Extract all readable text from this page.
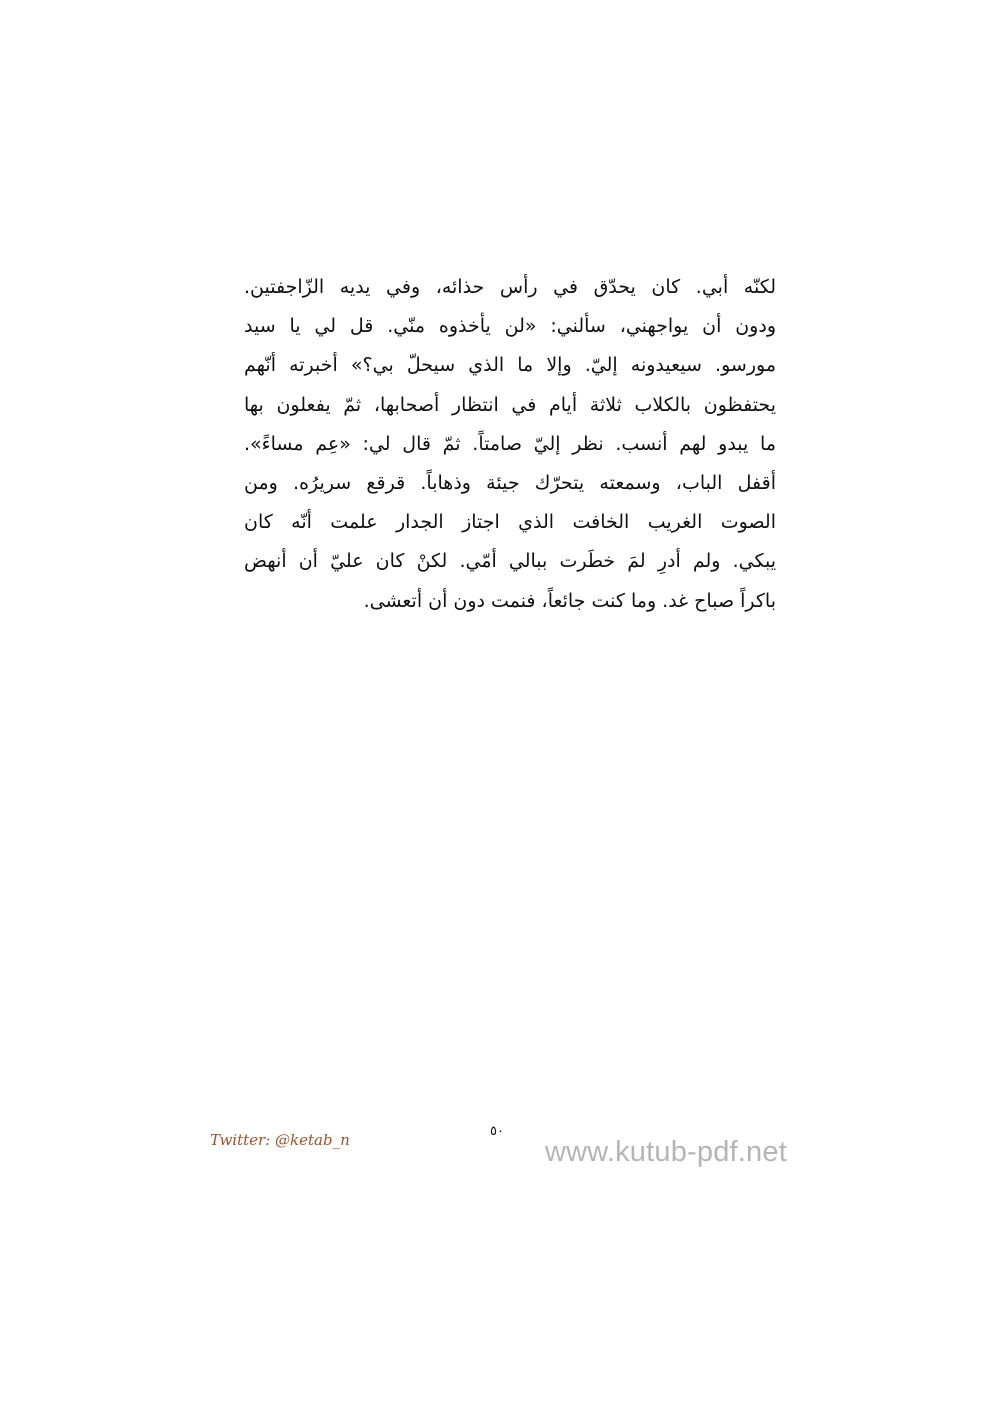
لكنّه أبي. كان يحدّق في رأس حذائه، وفي يديه الزّاجفتين.
ودون أن يواجهني، سألني: «لن يأخذوه منّي. قل لي يا سيد
مورسو. سيعيدونه إليّ. وإلا ما الذي سيحلّ بي؟» أخبرته أنّهم
يحتفظون بالكلاب ثلاثة أيام في انتظار أصحابها، ثمّ يفعلون بها
ما يبدو لهم أنسب. نظر إليّ صامتاً. ثمّ قال لي: «عِم مساءً».
أقفل الباب، وسمعته يتحرّك جيئة وذهاباً. قرقع سريرُه. ومن
الصوت الغريب الخافت الذي اجتاز الجدار علمت أنّه كان
يبكي. ولم أدرِ لمَ خطَرت ببالي أمّي. لكنْ كان عليّ أن أنهض
باكراً صباح غد. وما كنت جائعاً، فنمت دون أن أتعشى.
Twitter: @ketab_n	٥٠
www.kutub-pdf.net
